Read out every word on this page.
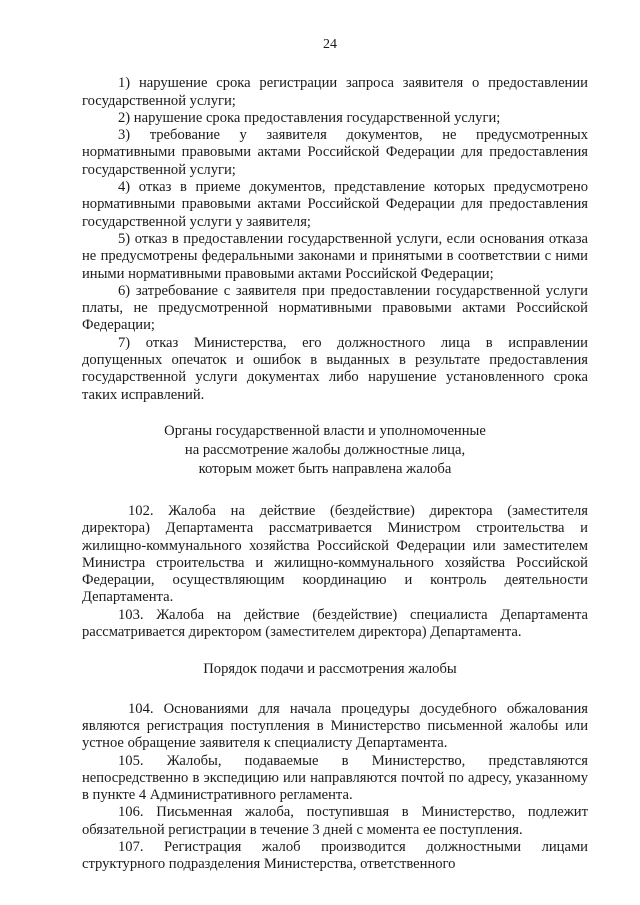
24

1) нарушение срока регистрации запроса заявителя о предоставлении государственной услуги;

2) нарушение срока предоставления государственной услуги;

3) требование у заявителя документов, не предусмотренных нормативными правовыми актами Российской Федерации для предоставления государственной услуги;

4) отказ в приеме документов, представление которых предусмотрено нормативными правовыми актами Российской Федерации для предоставления государственной услуги у заявителя;

5) отказ в предоставлении государственной услуги, если основания отказа не предусмотрены федеральными законами и принятыми в соответствии с ними иными нормативными правовыми актами Российской Федерации;

6) затребование с заявителя при предоставлении государственной услуги платы, не предусмотренной нормативными правовыми актами Российской Федерации;

7) отказ Министерства, его должностного лица в исправлении допущенных опечаток и ошибок в выданных в результате предоставления государственной услуги документах либо нарушение установленного срока таких исправлений.

Органы государственной власти и уполномоченные
на рассмотрение жалобы должностные лица,
которым может быть направлена жалоба

102. Жалоба на действие (бездействие) директора (заместителя директора) Департамента рассматривается Министром строительства и жилищно-коммунального хозяйства Российской Федерации или заместителем Министра строительства и жилищно-коммунального хозяйства Российской Федерации, осуществляющим координацию и контроль деятельности Департамента.

103. Жалоба на действие (бездействие) специалиста Департамента рассматривается директором (заместителем директора) Департамента.

Порядок подачи и рассмотрения жалобы

104. Основаниями для начала процедуры досудебного обжалования являются регистрация поступления в Министерство письменной жалобы или устное обращение заявителя к специалисту Департамента.

105. Жалобы, подаваемые в Министерство, представляются непосредственно в экспедицию или направляются почтой по адресу, указанному в пункте 4 Административного регламента.

106. Письменная жалоба, поступившая в Министерство, подлежит обязательной регистрации в течение 3 дней с момента ее поступления.

107. Регистрация жалоб производится должностными лицами структурного подразделения Министерства, ответственного
